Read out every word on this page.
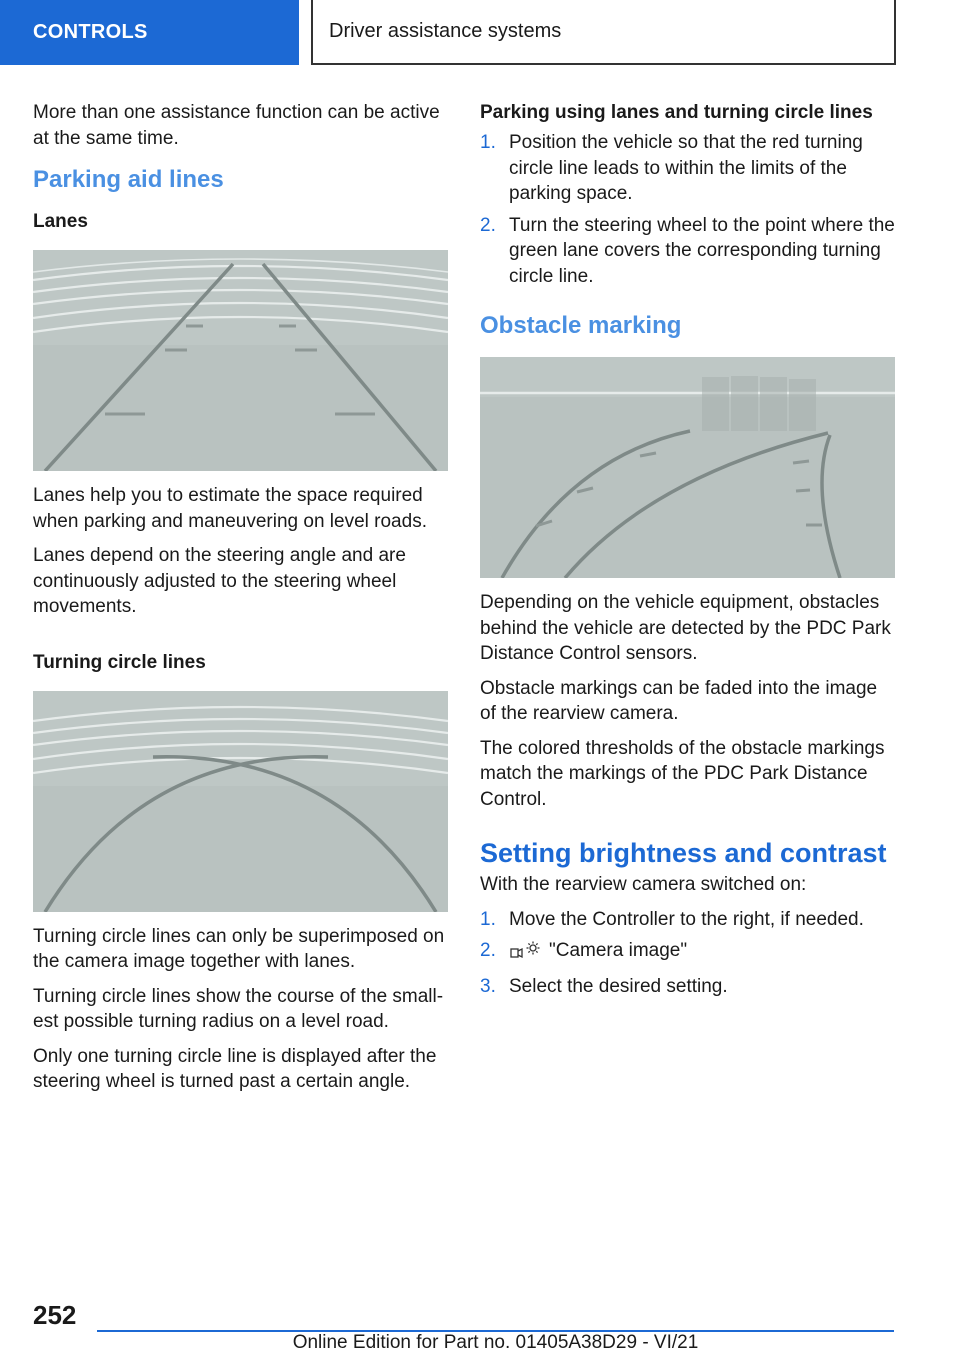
CONTROLS	Driver assistance systems

More than one assistance function can be active at the same time.

Parking aid lines
Lanes

Lanes help you to estimate the space required when parking and maneuvering on level roads.

Lanes depend on the steering angle and are continuously adjusted to the steering wheel movements.

Turning circle lines

Turning circle lines can only be superimposed on the camera image together with lanes.

Turning circle lines show the course of the smallest possible turning radius on a level road.

Only one turning circle line is displayed after the steering wheel is turned past a certain angle.

Parking using lanes and turning circle lines
1. Position the vehicle so that the red turning circle line leads to within the limits of the parking space.
2. Turn the steering wheel to the point where the green lane covers the corresponding turning circle line.
Obstacle marking

Depending on the vehicle equipment, obstacles behind the vehicle are detected by the PDC Park Distance Control sensors.

Obstacle markings can be faded into the image of the rearview camera.

The colored thresholds of the obstacle markings match the markings of the PDC Park Distance Control.

Setting brightness and contrast

With the rearview camera switched on:

1. Move the Controller to the right, if needed.
2.	"Camera image"
3. Select the desired setting.
252
Online Edition for Part no. 01405A38D29 - VI/21
